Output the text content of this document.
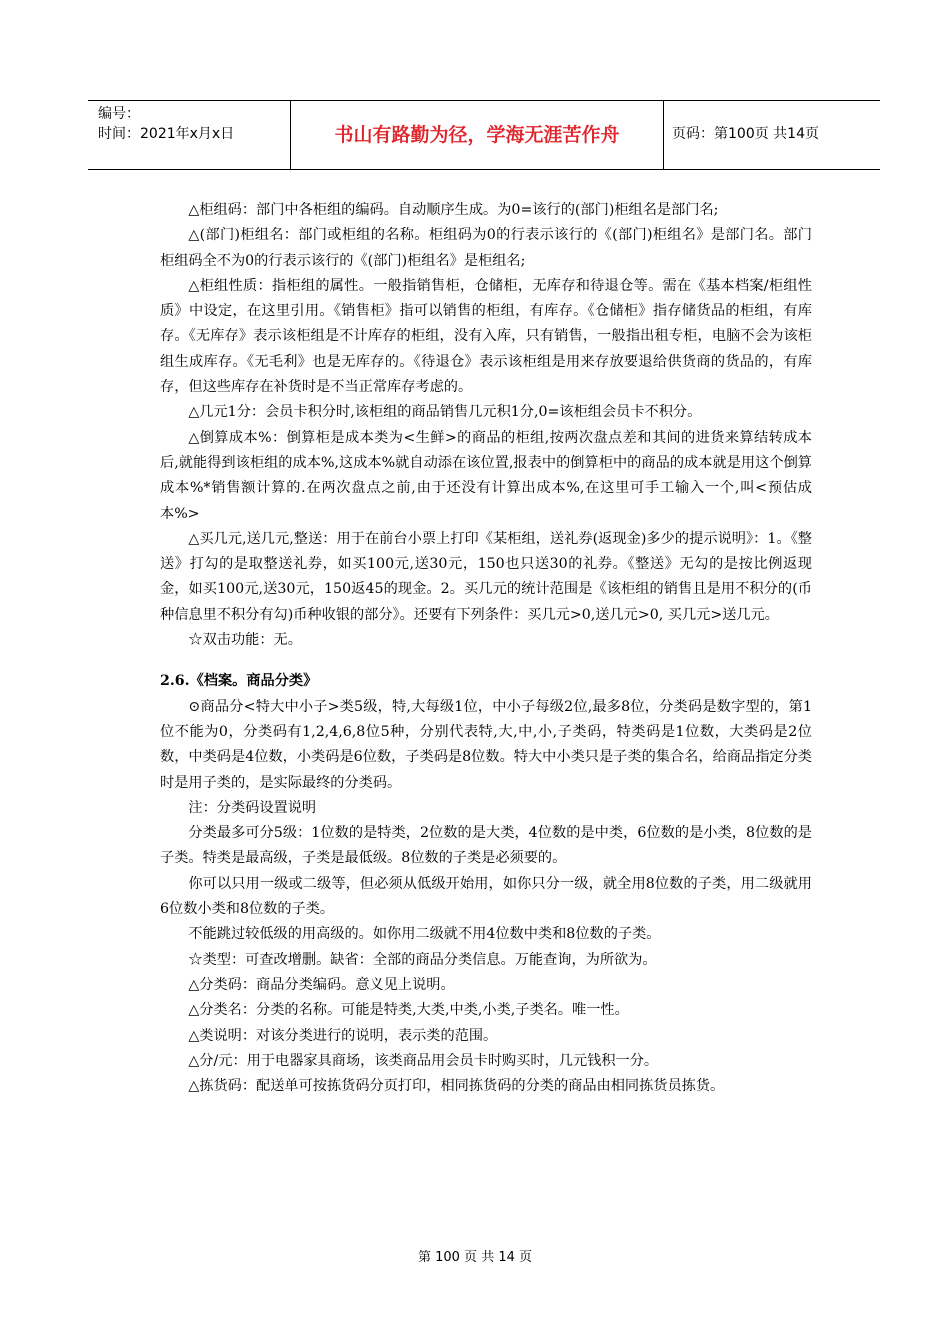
编号：
时间：2021年x月x日	书山有路勤为径，学海无涯苦作舟	页码：第100页 共14页

△柜组码：部门中各柜组的编码。自动顺序生成。为0=该行的(部门)柜组名是部门名;

△(部门)柜组名：部门或柜组的名称。柜组码为0的行表示该行的《(部门)柜组名》是部门名。部门柜组码全不为0的行表示该行的《(部门)柜组名》是柜组名;

△柜组性质：指柜组的属性。一般指销售柜，仓储柜，无库存和待退仓等。需在《基本档案/柜组性质》中设定，在这里引用。《销售柜》指可以销售的柜组，有库存。《仓储柜》指存储货品的柜组，有库存。《无库存》表示该柜组是不计库存的柜组，没有入库，只有销售，一般指出租专柜，电脑不会为该柜组生成库存。《无毛利》也是无库存的。《待退仓》表示该柜组是用来存放要退给供货商的货品的，有库存，但这些库存在补货时是不当正常库存考虑的。

△几元1分：会员卡积分时,该柜组的商品销售几元积1分,0=该柜组会员卡不积分。

△倒算成本%：倒算柜是成本类为<生鲜>的商品的柜组,按两次盘点差和其间的进货来算结转成本后,就能得到该柜组的成本%,这成本%就自动添在该位置,报表中的倒算柜中的商品的成本就是用这个倒算成本%*销售额计算的.在两次盘点之前,由于还没有计算出成本%,在这里可手工输入一个,叫<预估成本%>

△买几元,送几元,整送：用于在前台小票上打印《某柜组，送礼券(返现金)多少的提示说明》：1。《整送》打勾的是取整送礼券，如买100元,送30元，150也只送30的礼券。《整送》无勾的是按比例返现金，如买100元,送30元，150返45的现金。2。买几元的统计范围是《该柜组的销售且是用不积分的(币种信息里不积分有勾)币种收银的部分》。还要有下列条件：买几元>0,送几元>0, 买几元>送几元。

☆双击功能：无。

2.6.《档案。商品分类》

⊙商品分<特大中小子>类5级，特,大每级1位，中小子每级2位,最多8位，分类码是数字型的，第1位不能为0，分类码有1,2,4,6,8位5种，分别代表特,大,中,小,子类码，特类码是1位数，大类码是2位数，中类码是4位数，小类码是6位数，子类码是8位数。特大中小类只是子类的集合名，给商品指定分类时是用子类的，是实际最终的分类码。

注：分类码设置说明

分类最多可分5级：1位数的是特类，2位数的是大类，4位数的是中类，6位数的是小类，8位数的是子类。特类是最高级，子类是最低级。8位数的子类是必须要的。

你可以只用一级或二级等，但必须从低级开始用，如你只分一级，就全用8位数的子类，用二级就用6位数小类和8位数的子类。

不能跳过较低级的用高级的。如你用二级就不用4位数中类和8位数的子类。

☆类型：可查改增删。缺省：全部的商品分类信息。万能查询，为所欲为。

△分类码：商品分类编码。意义见上说明。

△分类名：分类的名称。可能是特类,大类,中类,小类,子类名。唯一性。

△类说明：对该分类进行的说明，表示类的范围。

△分/元：用于电器家具商场，该类商品用会员卡时购买时，几元钱积一分。

△拣货码：配送单可按拣货码分页打印，相同拣货码的分类的商品由相同拣货员拣货。

第 100 页 共 14 页
